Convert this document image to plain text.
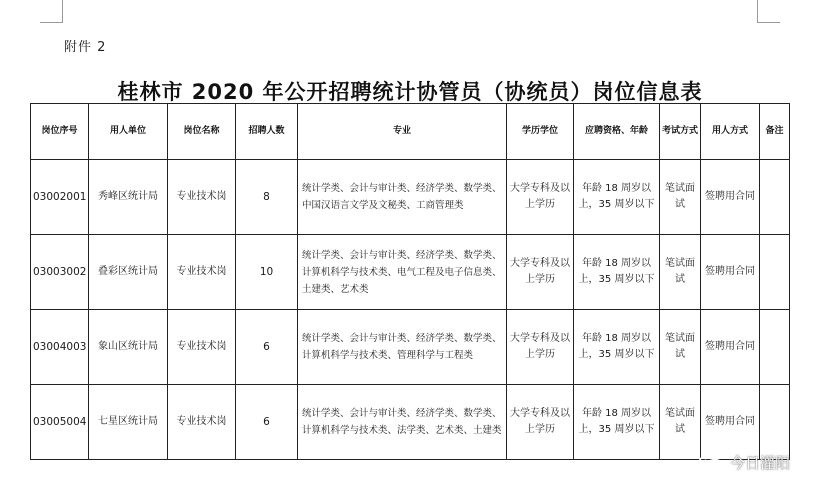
附件 2
桂林市 2020 年公开招聘统计协管员（协统员）岗位信息表
岗位序号	用人单位	岗位名称	招聘人数	专业	学历学位	应聘资格、年龄	考试方式	用人方式	备注
03002001	秀峰区统计局	专业技术岗	8	统计学类、会计与审计类、经济学类、数学类、中国汉语言文学及文秘类、工商管理类	大学专科及以上学历	年龄 18 周岁以上，35 周岁以下	笔试面试	签聘用合同	
03003002	叠彩区统计局	专业技术岗	10	统计学类、会计与审计类、经济学类、数学类、计算机科学与技术类、电气工程及电子信息类、土建类、艺术类	大学专科及以上学历	年龄 18 周岁以上，35 周岁以下	笔试面试	签聘用合同	
03004003	象山区统计局	专业技术岗	6	统计学类、会计与审计类、经济学类、数学类、计算机科学与技术类、管理科学与工程类	大学专科及以上学历	年龄 18 周岁以上，35 周岁以下	笔试面试	签聘用合同	
03005004	七星区统计局	专业技术岗	6	统计学类、会计与审计类、经济学类、数学类、计算机科学与技术类、法学类、艺术类、土建类	大学专科及以上学历	年龄 18 周岁以上，35 周岁以下	笔试面试	签聘用合同	
今日灌阳
